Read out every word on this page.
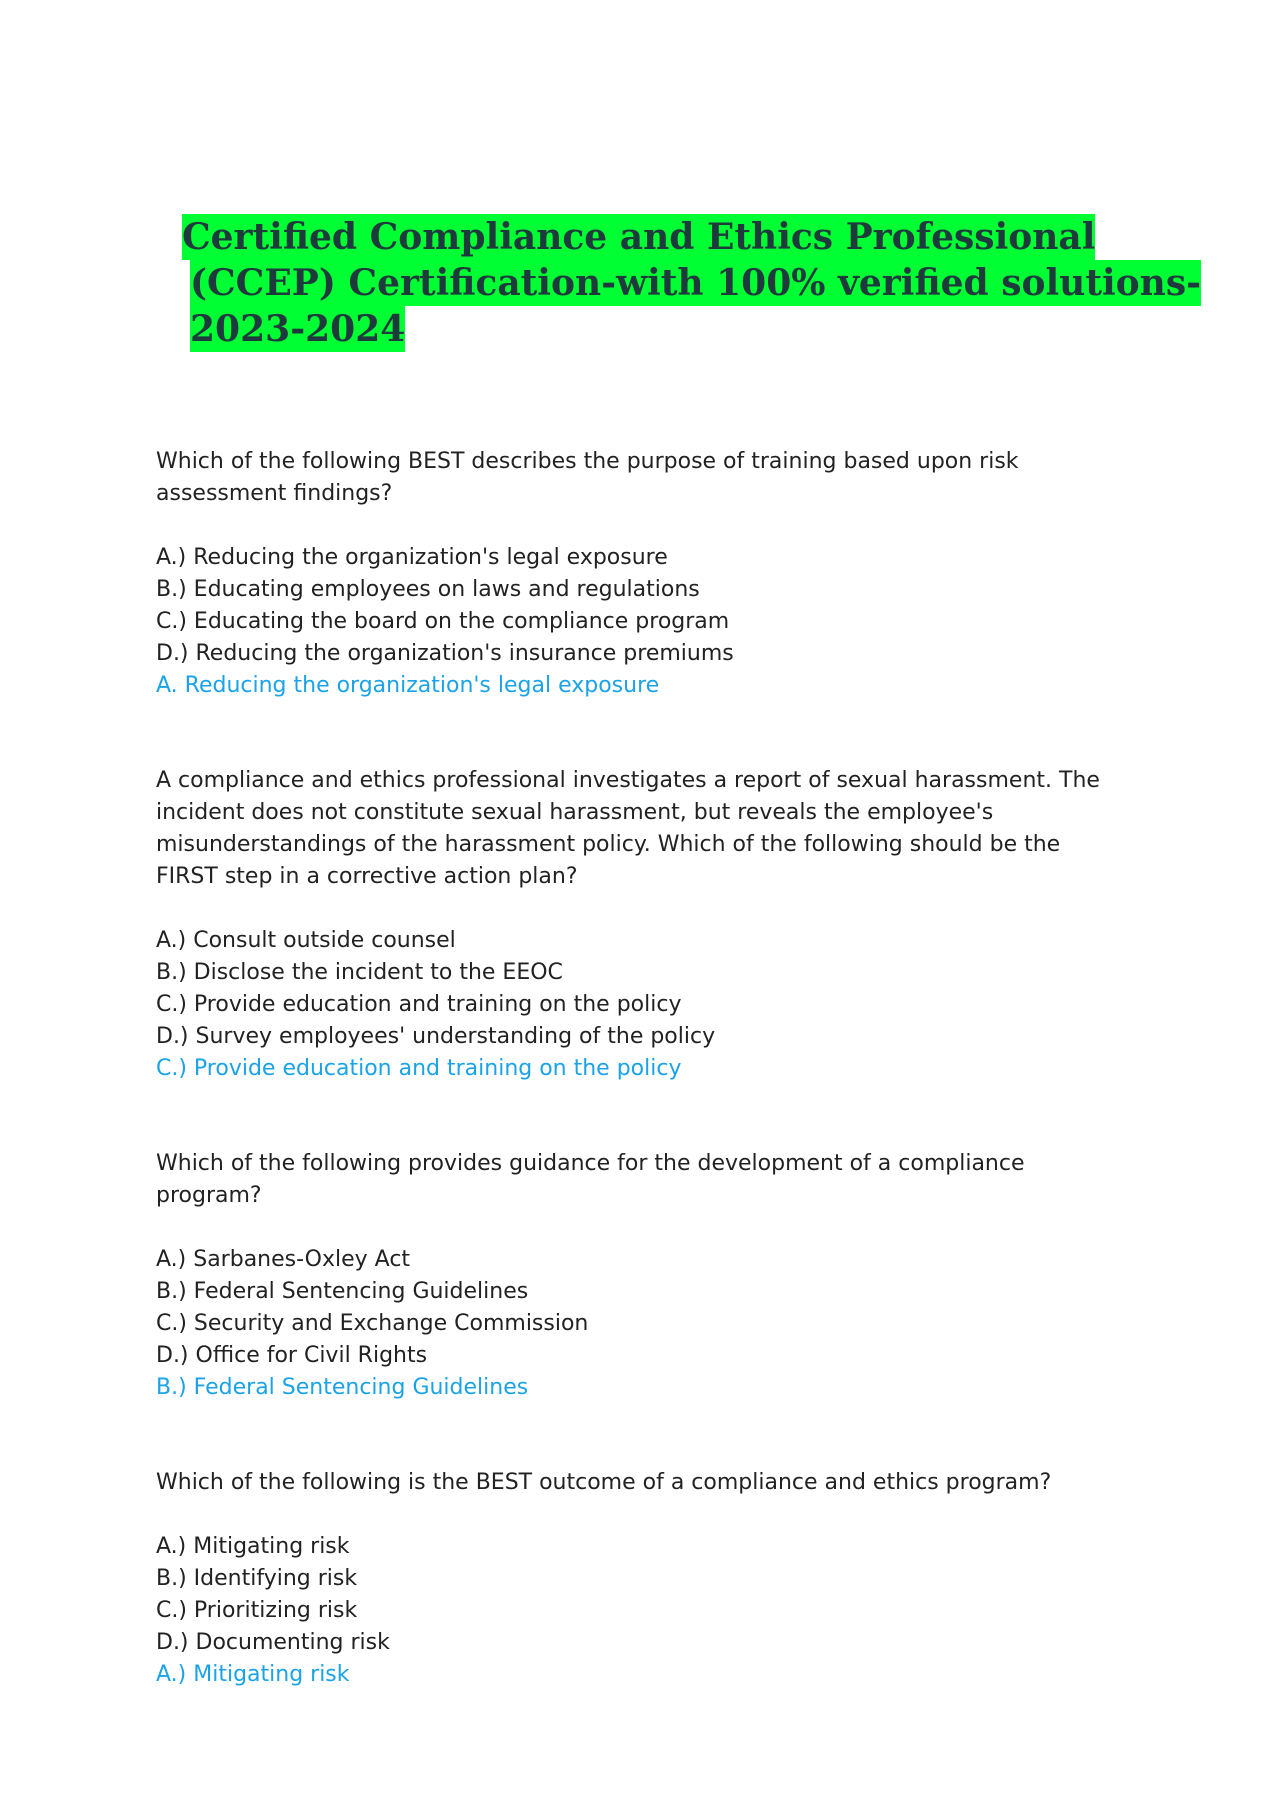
Certified Compliance and Ethics Professional
(CCEP) Certification-with 100% verified solutions-
2023-2024

Which of the following BEST describes the purpose of training based upon risk assessment findings?

A.) Reducing the organization's legal exposure
B.) Educating employees on laws and regulations
C.) Educating the board on the compliance program
D.) Reducing the organization's insurance premiums
A. Reducing the organization's legal exposure

A compliance and ethics professional investigates a report of sexual harassment. The incident does not constitute sexual harassment, but reveals the employee's misunderstandings of the harassment policy. Which of the following should be the FIRST step in a corrective action plan?

A.) Consult outside counsel
B.) Disclose the incident to the EEOC
C.) Provide education and training on the policy
D.) Survey employees' understanding of the policy
C.) Provide education and training on the policy

Which of the following provides guidance for the development of a compliance program?

A.) Sarbanes-Oxley Act
B.) Federal Sentencing Guidelines
C.) Security and Exchange Commission
D.) Office for Civil Rights
B.) Federal Sentencing Guidelines

Which of the following is the BEST outcome of a compliance and ethics program?

A.) Mitigating risk
B.) Identifying risk
C.) Prioritizing risk
D.) Documenting risk
A.) Mitigating risk
